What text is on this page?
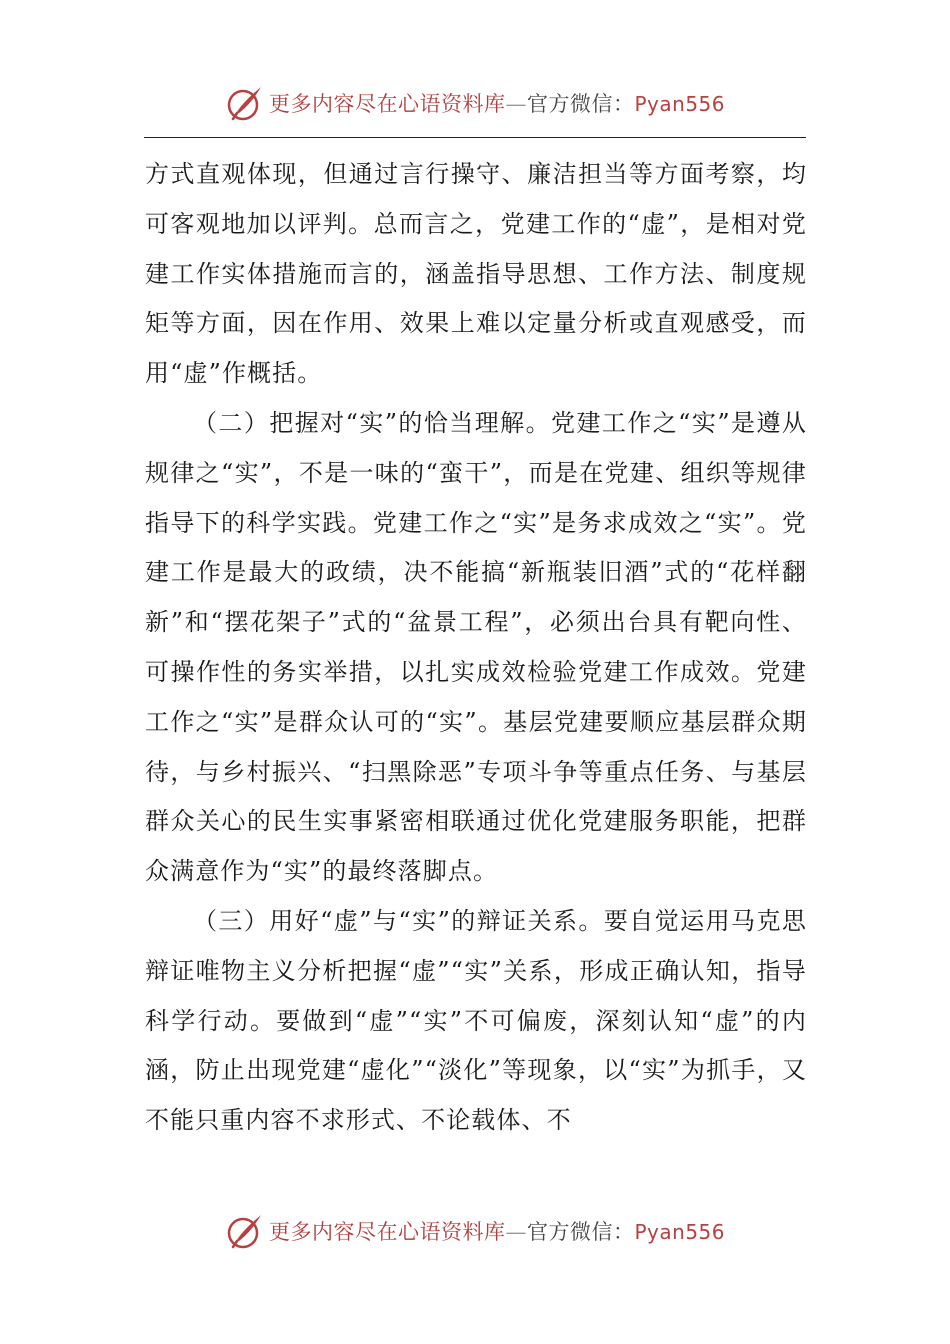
更多内容尽在心语资料库—官方微信：Pyan556

方式直观体现，但通过言行操守、廉洁担当等方面考察，均可客观地加以评判。总而言之，党建工作的“虚”，是相对党建工作实体措施而言的，涵盖指导思想、工作方法、制度规矩等方面，因在作用、效果上难以定量分析或直观感受，而用“虚”作概括。

（二）把握对“实”的恰当理解。党建工作之“实”是遵从规律之“实”，不是一味的“蛮干”，而是在党建、组织等规律指导下的科学实践。党建工作之“实”是务求成效之“实”。党建工作是最大的政绩，决不能搞“新瓶装旧酒”式的“花样翻新”和“摆花架子”式的“盆景工程”，必须出台具有靶向性、可操作性的务实举措，以扎实成效检验党建工作成效。党建工作之“实”是群众认可的“实”。基层党建要顺应基层群众期待，与乡村振兴、“扫黑除恶”专项斗争等重点任务、与基层群众关心的民生实事紧密相联通过优化党建服务职能，把群众满意作为“实”的最终落脚点。

（三）用好“虚”与“实”的辩证关系。要自觉运用马克思辩证唯物主义分析把握“虚”“实”关系，形成正确认知，指导科学行动。要做到“虚”“实”不可偏废，深刻认知“虚”的内涵，防止出现党建“虚化”“淡化”等现象，以“实”为抓手，又不能只重内容不求形式、不论载体、不

更多内容尽在心语资料库—官方微信：Pyan556
